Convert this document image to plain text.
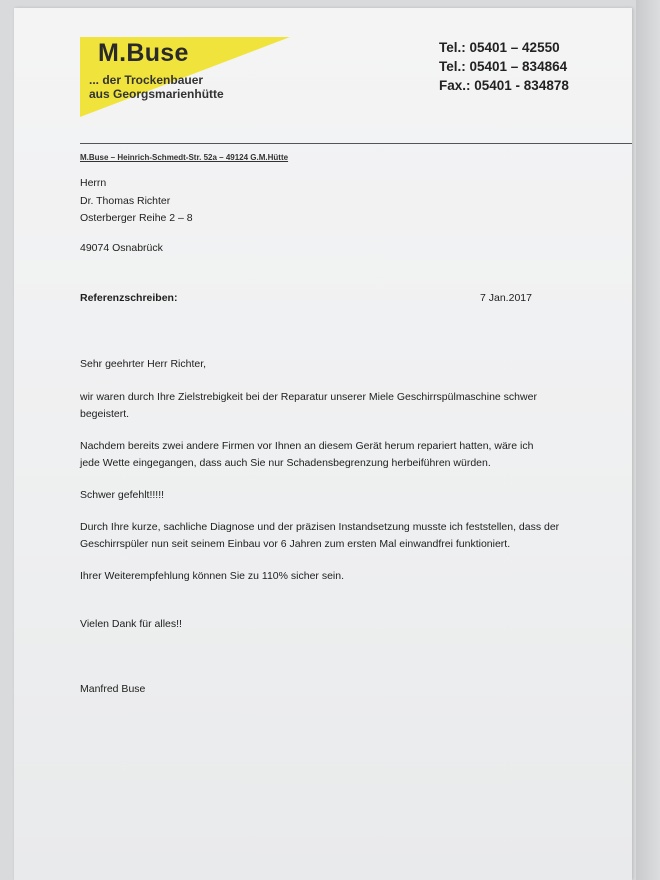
M.Buse
... der Trockenbauer
aus Georgsmarienhütte
Tel.: 05401 – 42550
Tel.: 05401 – 834864
Fax.: 05401 - 834878
M.Buse – Heinrich-Schmedt-Str. 52a – 49124 G.M.Hütte
Herrn
Dr. Thomas Richter
Osterberger Reihe 2 – 8
49074 Osnabrück
Referenzschreiben:	7 Jan.2017
Sehr geehrter Herr Richter,
wir waren durch Ihre Zielstrebigkeit bei der Reparatur unserer Miele Geschirrspülmaschine schwer
begeistert.
Nachdem bereits zwei andere Firmen vor Ihnen an diesem Gerät herum repariert hatten, wäre ich
jede Wette eingegangen, dass auch Sie nur Schadensbegrenzung herbeiführen würden.
Schwer gefehlt!!!!!
Durch Ihre kurze, sachliche Diagnose und der präzisen Instandsetzung musste ich feststellen, dass der
Geschirrspüler nun seit seinem Einbau vor 6 Jahren zum ersten Mal einwandfrei funktioniert.
Ihrer Weiterempfehlung können Sie zu 110% sicher sein.
Vielen Dank für alles!!
Manfred Buse
